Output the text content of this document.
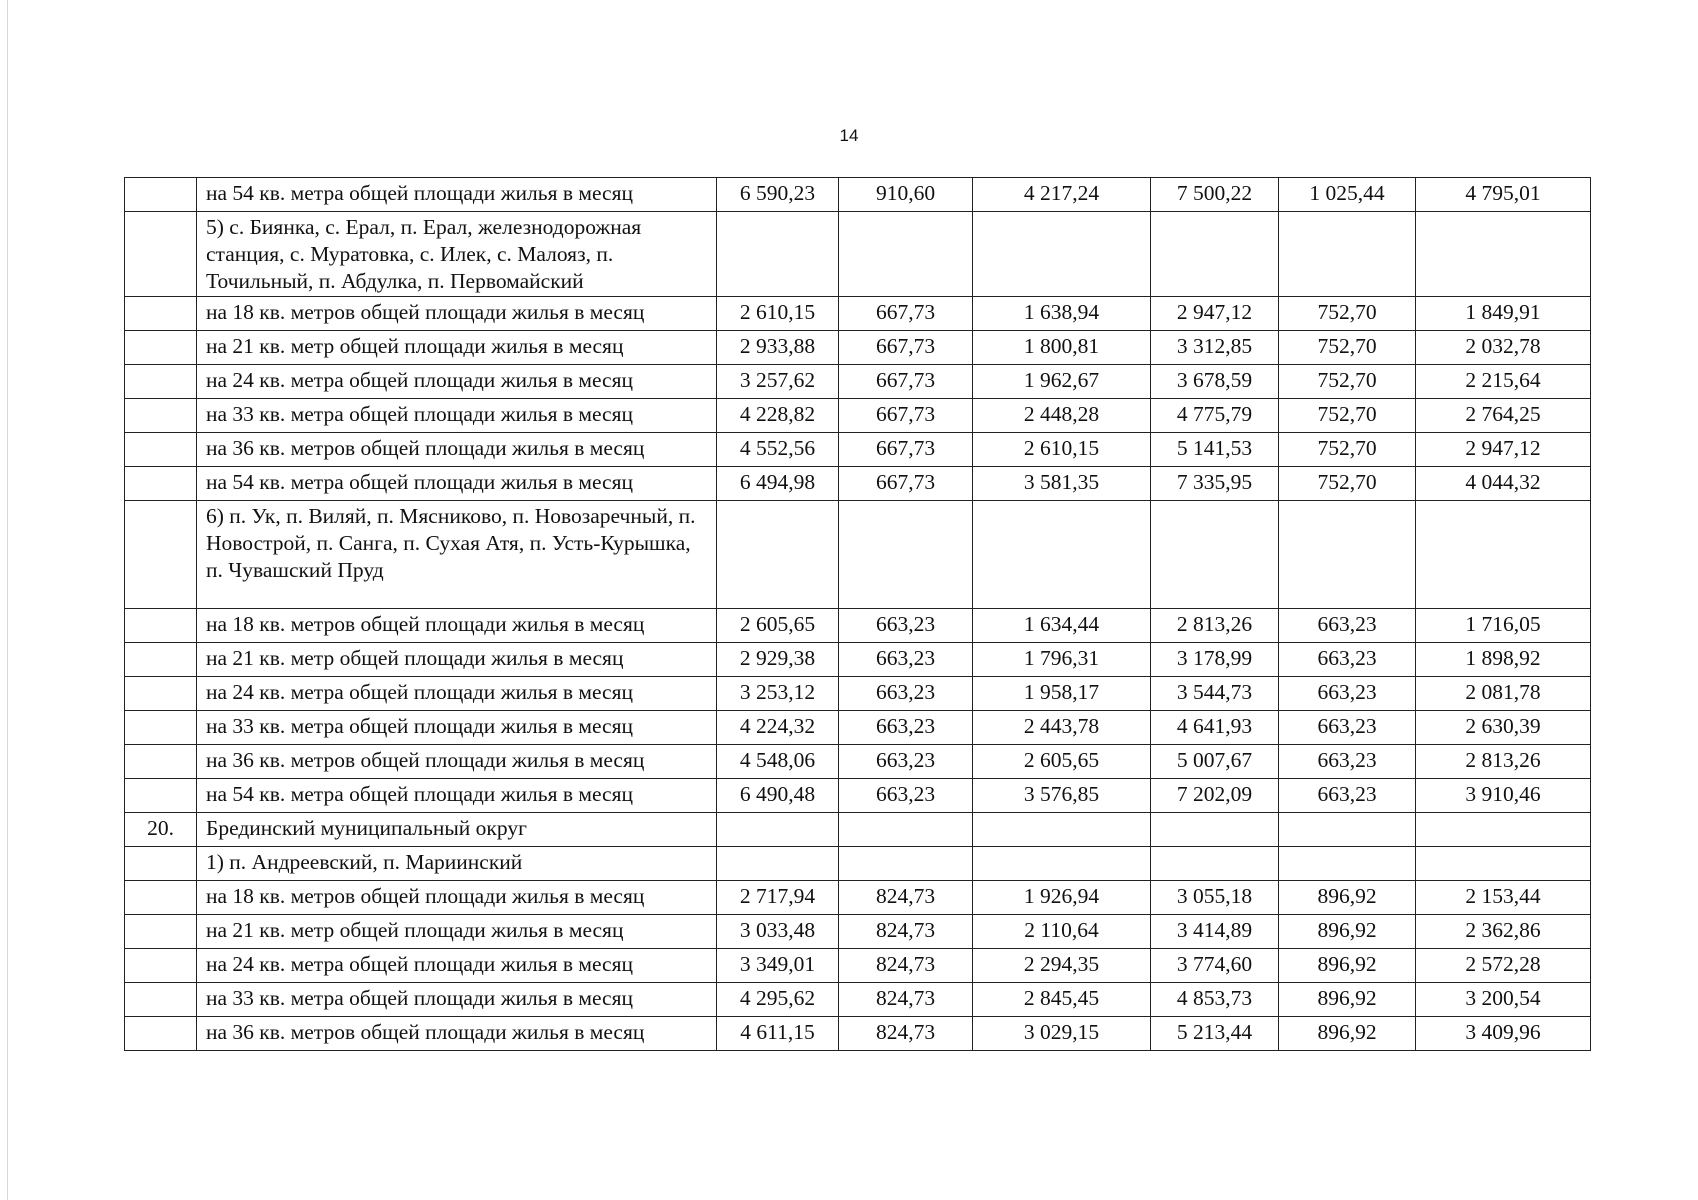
14
	на 54 кв. метра общей площади жилья в месяц	6 590,23	910,60	4 217,24	7 500,22	1 025,44	4 795,01
	5) с. Биянка, с. Ерал, п. Ерал, железнодорожная станция, с. Муратовка, с. Илек, с. Малояз, п. Точильный, п. Абдулка, п. Первомайский						
	на 18 кв. метров общей площади жилья в месяц	2 610,15	667,73	1 638,94	2 947,12	752,70	1 849,91
	на 21 кв. метр общей площади жилья в месяц	2 933,88	667,73	1 800,81	3 312,85	752,70	2 032,78
	на 24 кв. метра общей площади жилья в месяц	3 257,62	667,73	1 962,67	3 678,59	752,70	2 215,64
	на 33 кв. метра общей площади жилья в месяц	4 228,82	667,73	2 448,28	4 775,79	752,70	2 764,25
	на 36 кв. метров общей площади жилья в месяц	4 552,56	667,73	2 610,15	5 141,53	752,70	2 947,12
	на 54 кв. метра общей площади жилья в месяц	6 494,98	667,73	3 581,35	7 335,95	752,70	4 044,32
	6) п. Ук, п. Виляй, п. Мясниково, п. Новозаречный, п. Новострой, п. Санга, п. Сухая Атя, п. Усть-Курышка, п. Чувашский Пруд						
	на 18 кв. метров общей площади жилья в месяц	2 605,65	663,23	1 634,44	2 813,26	663,23	1 716,05
	на 21 кв. метр общей площади жилья в месяц	2 929,38	663,23	1 796,31	3 178,99	663,23	1 898,92
	на 24 кв. метра общей площади жилья в месяц	3 253,12	663,23	1 958,17	3 544,73	663,23	2 081,78
	на 33 кв. метра общей площади жилья в месяц	4 224,32	663,23	2 443,78	4 641,93	663,23	2 630,39
	на 36 кв. метров общей площади жилья в месяц	4 548,06	663,23	2 605,65	5 007,67	663,23	2 813,26
	на 54 кв. метра общей площади жилья в месяц	6 490,48	663,23	3 576,85	7 202,09	663,23	3 910,46
20.	Брединский муниципальный округ						
	1) п. Андреевский, п. Мариинский						
	на 18 кв. метров общей площади жилья в месяц	2 717,94	824,73	1 926,94	3 055,18	896,92	2 153,44
	на 21 кв. метр общей площади жилья в месяц	3 033,48	824,73	2 110,64	3 414,89	896,92	2 362,86
	на 24 кв. метра общей площади жилья в месяц	3 349,01	824,73	2 294,35	3 774,60	896,92	2 572,28
	на 33 кв. метра общей площади жилья в месяц	4 295,62	824,73	2 845,45	4 853,73	896,92	3 200,54
	на 36 кв. метров общей площади жилья в месяц	4 611,15	824,73	3 029,15	5 213,44	896,92	3 409,96
